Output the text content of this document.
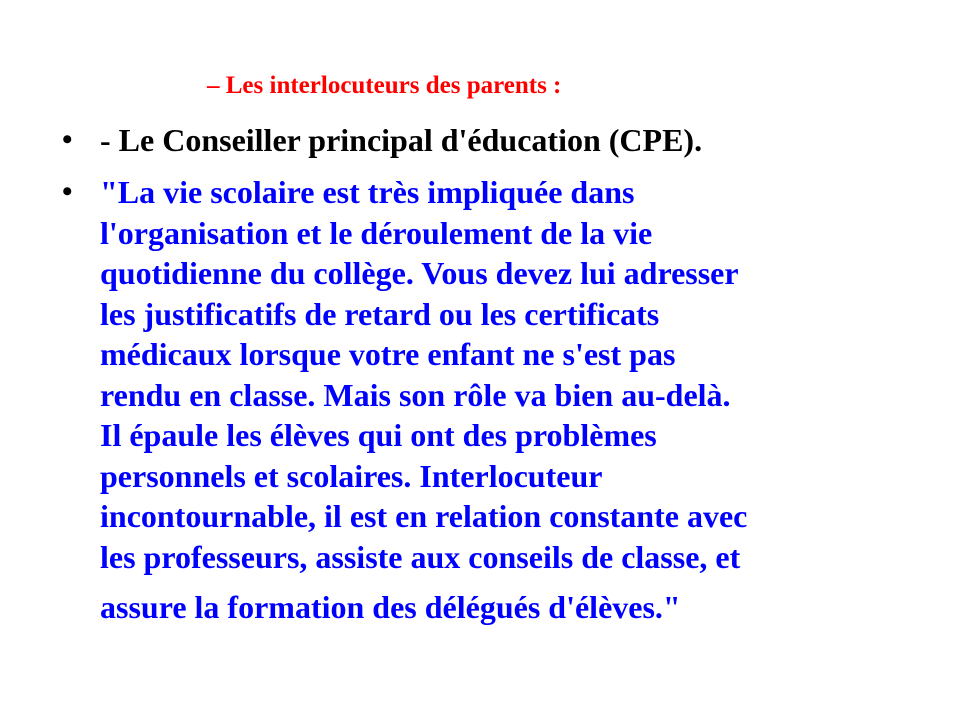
– Les interlocuteurs des parents :
• - Le Conseiller principal d'éducation (CPE).
• "La vie scolaire est très impliquée dans
l'organisation et le déroulement de la vie
quotidienne du collège. Vous devez lui adresser
les justificatifs de retard ou les certificats
médicaux lorsque votre enfant ne s'est pas
rendu en classe. Mais son rôle va bien au-delà.
Il épaule les élèves qui ont des problèmes
personnels et scolaires. Interlocuteur
incontournable, il est en relation constante avec
les professeurs, assiste aux conseils de classe, et
assure la formation des délégués d'élèves."
